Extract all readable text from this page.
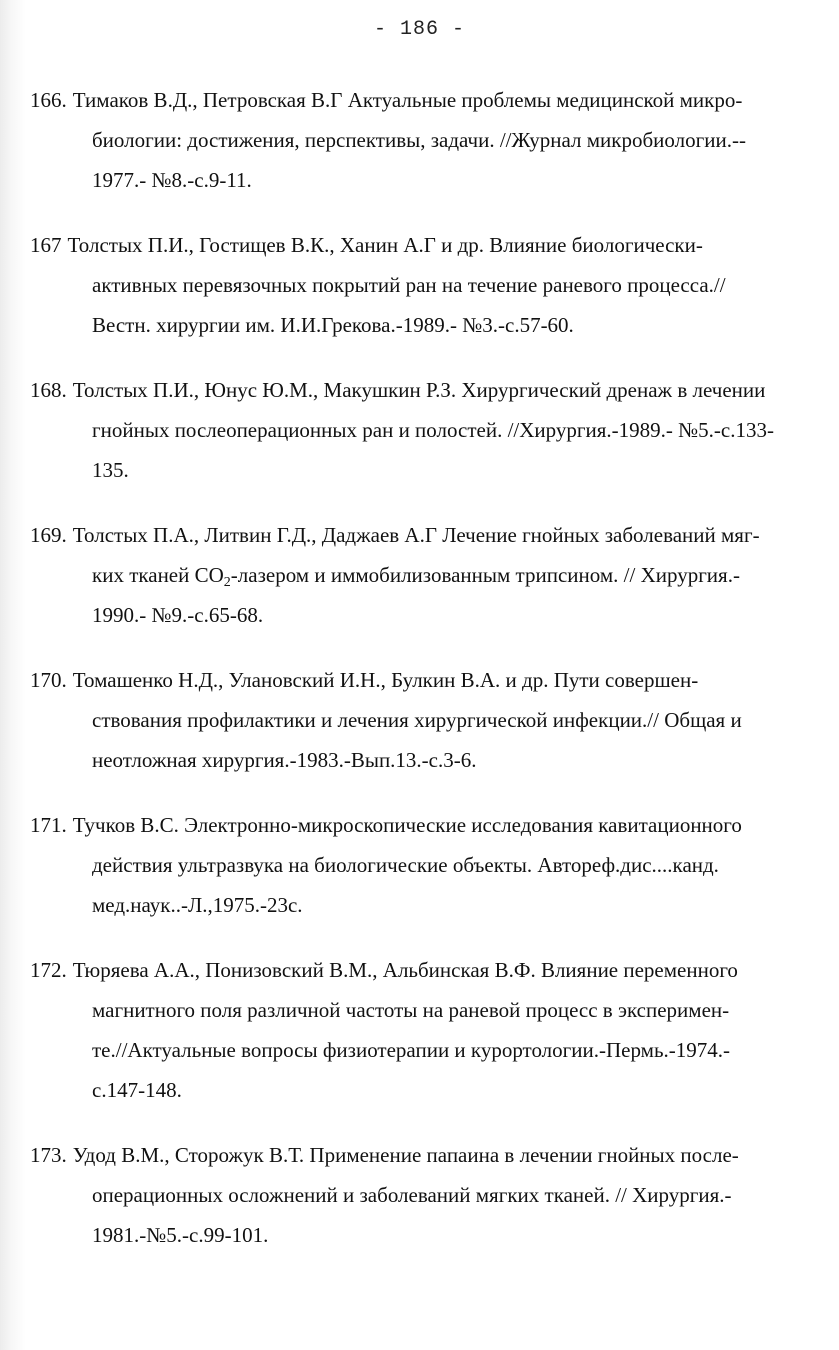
- 186 -
166. Тимаков В.Д., Петровская В.Г Актуальные проблемы медицинской микро-
биологии: достижения, перспективы, задачи. //Журнал микробиологии.--
1977.- №8.-с.9-11.
167 Толстых П.И., Гостищев В.К., Ханин А.Г и др. Влияние биологически-
активных перевязочных покрытий ран на течение раневого процесса.//
Вестн. хирургии им. И.И.Грекова.-1989.- №3.-с.57-60.
168. Толстых П.И., Юнус Ю.М., Макушкин Р.З. Хирургический дренаж в лечении
гнойных послеоперационных ран и полостей. //Хирургия.-1989.- №5.-с.133-
135.
169. Толстых П.А., Литвин Г.Д., Даджаев А.Г Лечение гнойных заболеваний мяг-
ких тканей $CO_2$-лазером и иммобилизованным трипсином. // Хирургия.-
1990.- №9.-с.65-68.
170. Томашенко Н.Д., Улановский И.Н., Булкин В.А. и др. Пути совершен-
ствования профилактики и лечения хирургической инфекции.// Общая и
неотложная хирургия.-1983.-Вып.13.-с.3-6.
171. Тучков В.С. Электронно-микроскопические исследования кавитационного
действия ультразвука на биологические объекты. Автореф.дис....канд.
мед.наук..-Л.,1975.-23с.
172. Тюряева А.А., Понизовский В.М., Альбинская В.Ф. Влияние переменного
магнитного поля различной частоты на раневой процесс в эксперимен-
те.//Актуальные вопросы физиотерапии и курортологии.-Пермь.-1974.-
с.147-148.
173. Удод В.М., Сторожук В.Т. Применение папаина в лечении гнойных после-
операционных осложнений и заболеваний мягких тканей. // Хирургия.-
1981.-№5.-с.99-101.
